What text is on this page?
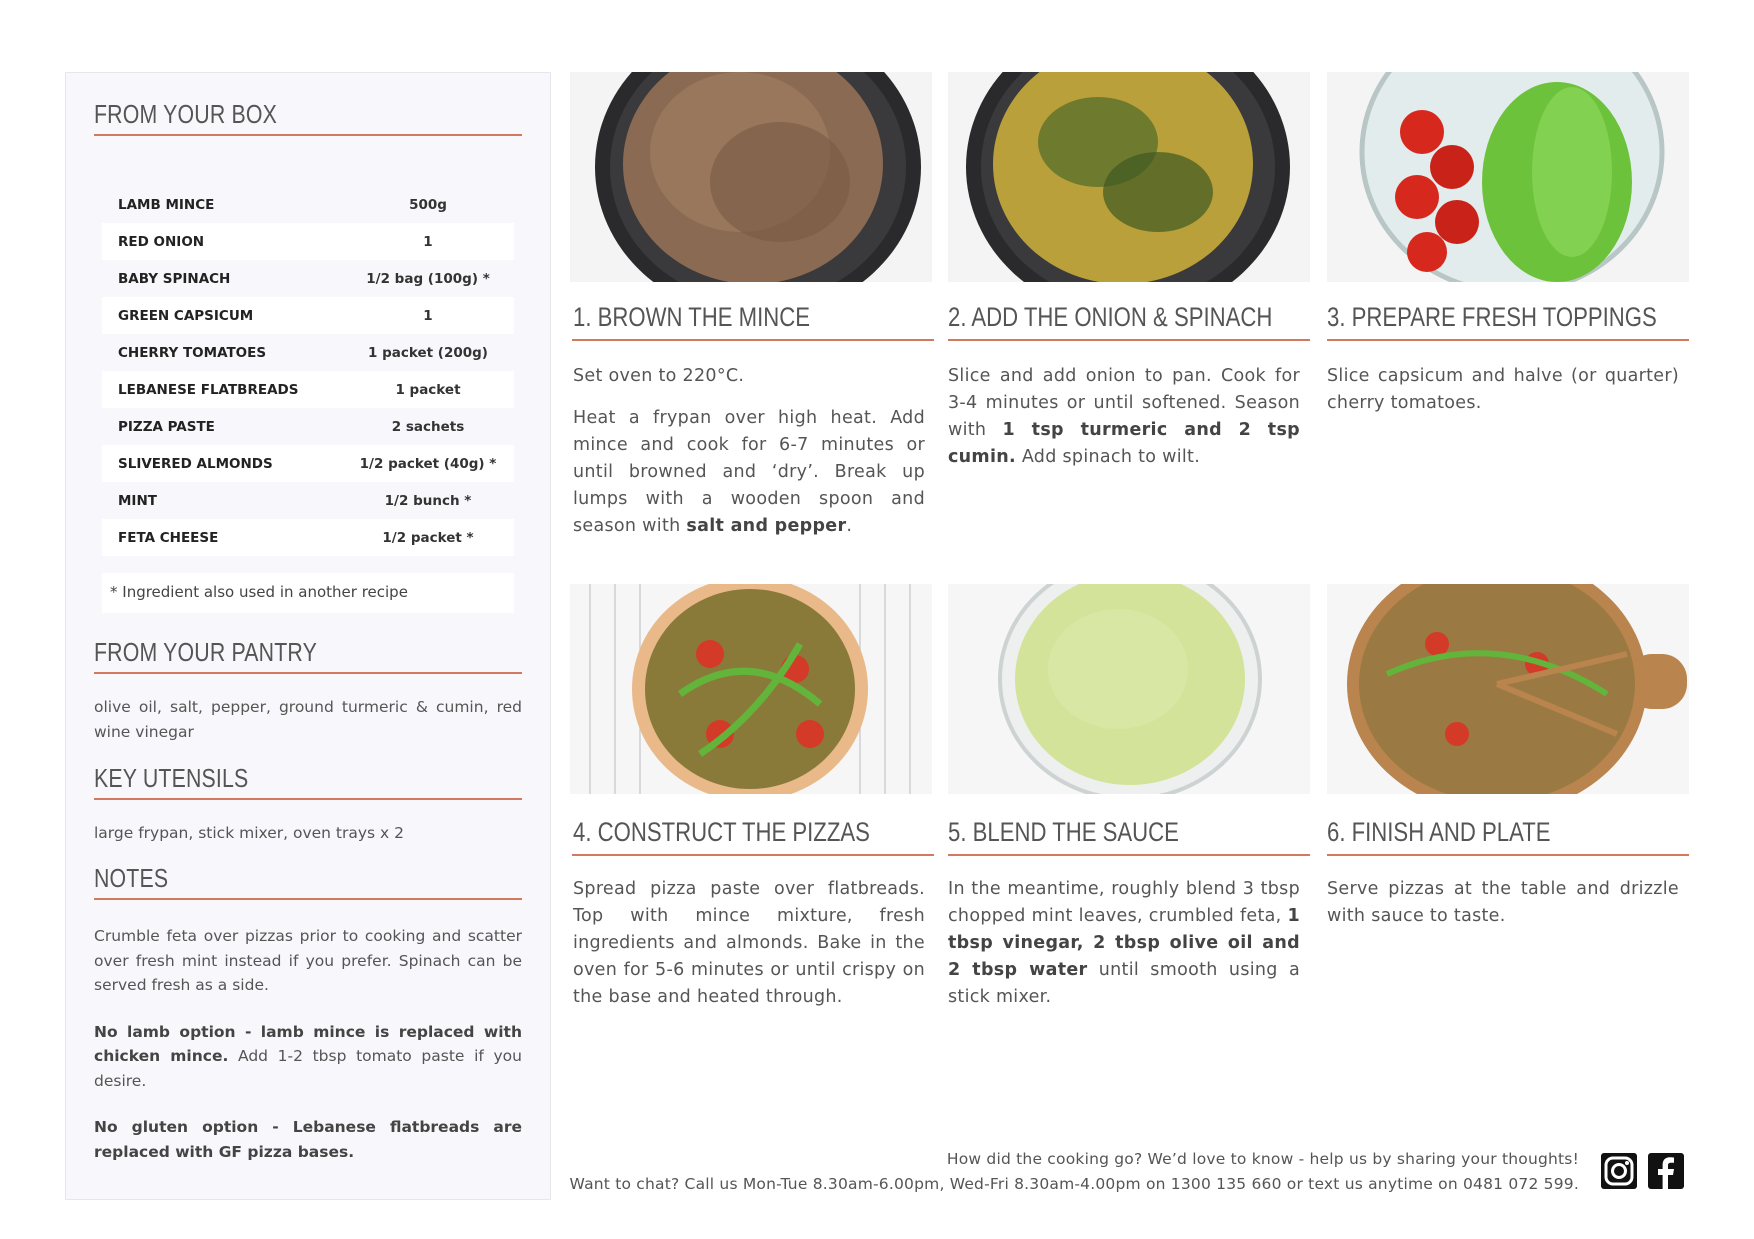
FROM YOUR BOX
LAMB MINCE	500g
RED ONION	1
BABY SPINACH	1/2 bag (100g) *
GREEN CAPSICUM	1
CHERRY TOMATOES	1 packet (200g)
LEBANESE FLATBREADS	1 packet
PIZZA PASTE	2 sachets
SLIVERED ALMONDS	1/2 packet (40g) *
MINT	1/2 bunch *
FETA CHEESE	1/2 packet *
* Ingredient also used in another recipe
FROM YOUR PANTRY
olive oil, salt, pepper, ground turmeric & cumin, red wine vinegar
KEY UTENSILS
large frypan, stick mixer, oven trays x 2
NOTES

Crumble feta over pizzas prior to cooking and scatter over fresh mint instead if you prefer. Spinach can be served fresh as a side.

No lamb option - lamb mince is replaced with chicken mince. Add 1-2 tbsp tomato paste if you desire.

No gluten option - Lebanese flatbreads are replaced with GF pizza bases.

1. BROWN THE MINCE

Set oven to 220°C.

Heat a frypan over high heat. Add mince and cook for 6-7 minutes or until browned and ‘dry’. Break up lumps with a wooden spoon and season with salt and pepper.

2. ADD THE ONION & SPINACH

Slice and add onion to pan. Cook for 3-4 minutes or until softened. Season with 1 tsp turmeric and 2 tsp cumin. Add spinach to wilt.

3. PREPARE FRESH TOPPINGS

Slice capsicum and halve (or quarter) cherry tomatoes.

4. CONSTRUCT THE PIZZAS

Spread pizza paste over flatbreads. Top with mince mixture, fresh ingredients and almonds. Bake in the oven for 5-6 minutes or until crispy on the base and heated through.

5. BLEND THE SAUCE

In the meantime, roughly blend 3 tbsp chopped mint leaves, crumbled feta, 1 tbsp vinegar, 2 tbsp olive oil and 2 tbsp water until smooth using a stick mixer.

6. FINISH AND PLATE

Serve pizzas at the table and drizzle with sauce to taste.

How did the cooking go? We’d love to know - help us by sharing your thoughts!
Want to chat? Call us Mon-Tue 8.30am-6.00pm, Wed-Fri 8.30am-4.00pm on 1300 135 660 or text us anytime on 0481 072 599.
